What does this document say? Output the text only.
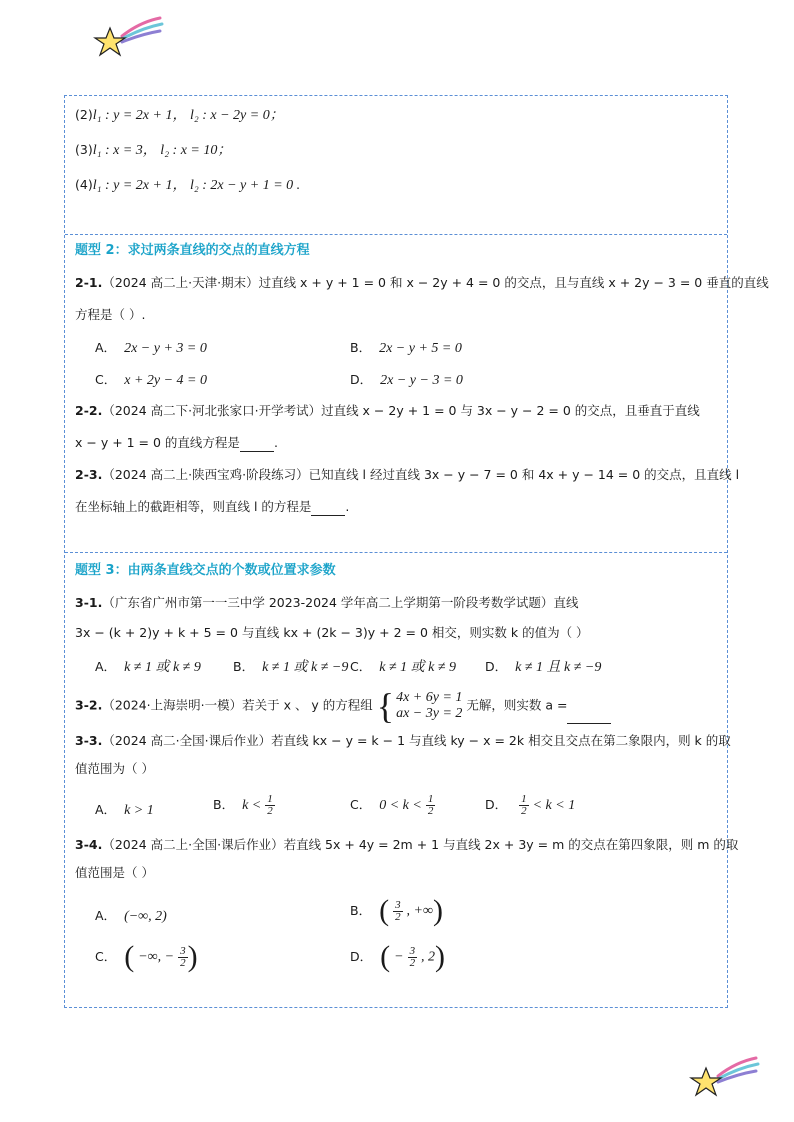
(2)l₁ : y = 2x + 1， l₂ : x − 2y = 0；
(3)l₁ : x = 3， l₂ : x = 10；
(4)l₁ : y = 2x + 1， l₂ : 2x − y + 1 = 0 .
题型 2：求过两条直线的交点的直线方程
2-1.（2024 高二上·天津·期末）过直线 x + y + 1 = 0 和 x − 2y + 4 = 0 的交点，且与直线 x + 2y − 3 = 0 垂直的直线
方程是（ ）.
A． 2x − y + 3 = 0	B． 2x − y + 5 = 0
C． x + 2y − 4 = 0	D． 2x − y − 3 = 0
2-2.（2024 高二下·河北张家口·开学考试）过直线 x − 2y + 1 = 0 与 3x − y − 2 = 0 的交点，且垂直于直线
x − y + 1 = 0 的直线方程是	.
2-3.（2024 高二上·陕西宝鸡·阶段练习）已知直线 l 经过直线 3x − y − 7 = 0 和 4x + y − 14 = 0 的交点，且直线 l
在坐标轴上的截距相等，则直线 l 的方程是	.
题型 3：由两条直线交点的个数或位置求参数
3-1.（广东省广州市第一一三中学 2023-2024 学年高二上学期第一阶段考数学试题）直线
3x − (k + 2)y + k + 5 = 0 与直线 kx + (2k − 3)y + 2 = 0 相交，则实数 k 的值为（ ）
A． k ≠ 1 或 k ≠ 9	B． k ≠ 1 或 k ≠ −9 C． k ≠ 1 或 k ≠ 9 D． k ≠ 1 且 k ≠ −9
3-2.（2024·上海崇明·一模）若关于 x 、 y 的方程组 { 4x + 6y = 1
ax − 3y = 2
无解，则实数 a =
3-3.（2024 高二·全国·课后作业）若直线 kx − y = k − 1 与直线 ky − x = 2k 相交且交点在第二象限内，则 k 的取
值范围为（ ）
A． k > 1	B． $k < \frac{1}{2}$	C． $0 < k < \frac{1}{2}$	D． $\frac{1}{2} < k < 1$
3-4.（2024 高二上·全国·课后作业）若直线 5x + 4y = 2m + 1 与直线 2x + 3y = m 的交点在第四象限，则 m 的取
值范围是（ ）
A． (−∞, 2)	B． ( $\frac{3}{2}$ , +∞)
C． ( −∞, − $\frac{3}{2}$ )	D． ( − $\frac{3}{2}$ , 2)
